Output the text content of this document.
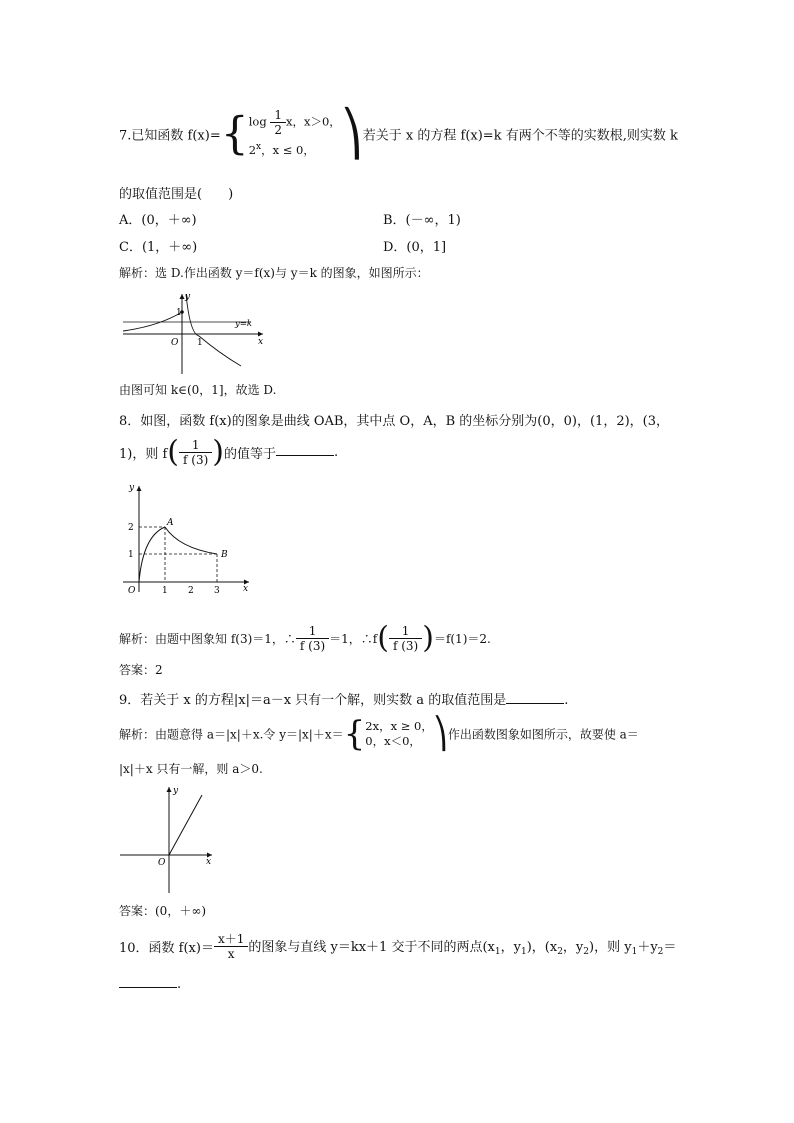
7.已知函数 f(x)={ $\log \frac{1}{2}$ x，x＞0，
2$^x$，x ≤ 0， ⎞若关于 x 的方程 f(x)=k 有两个不等的实数根,则实数 k
的取值范围是(　　)
A．(0，＋∞)	B．(－∞，1)
C．(1，＋∞)	D．(0，1]
解析：选 D.作出函数 y＝f(x)与 y＝k 的图象，如图所示：
y
x
O
1
1
y=k
由图可知 k∈(0，1]，故选 D.
8．如图，函数 f(x)的图象是曲线 OAB，其中点 O，A，B 的坐标分别为(0，0)，(1，2)，(3，
1)，则 $f( \frac{1}{f (3)}$ )的值等于	.
y
x
O
2
1
1 2 3
A
B
解析：由题中图象知 f(3)＝1，∴ $\frac{1}{f (3)} =1$，∴f( $\frac{1}{f (3)} )=f(1)=2$.
答案：2
9．若关于 x 的方程|x|＝a－x 只有一个解，则实数 a 的取值范围是	.
解析：由题意得 a＝|x|＋x.令 y＝|x|＋x＝{ 2x，x ≥ 0，
0，x＜0， ⎞作出函数图象如图所示，故要使 a＝
|x|＋x 只有一解，则 a＞0.
y
x
O
答案：(0，＋∞)
10．函数 $f(x)= \frac{x+1}{x}$ 的图象与直线 y＝kx＋1 交于不同的两点($x_1$，$y_1$)，($x_2$，$y_2$)，则 $y_1+y_2=$
.
